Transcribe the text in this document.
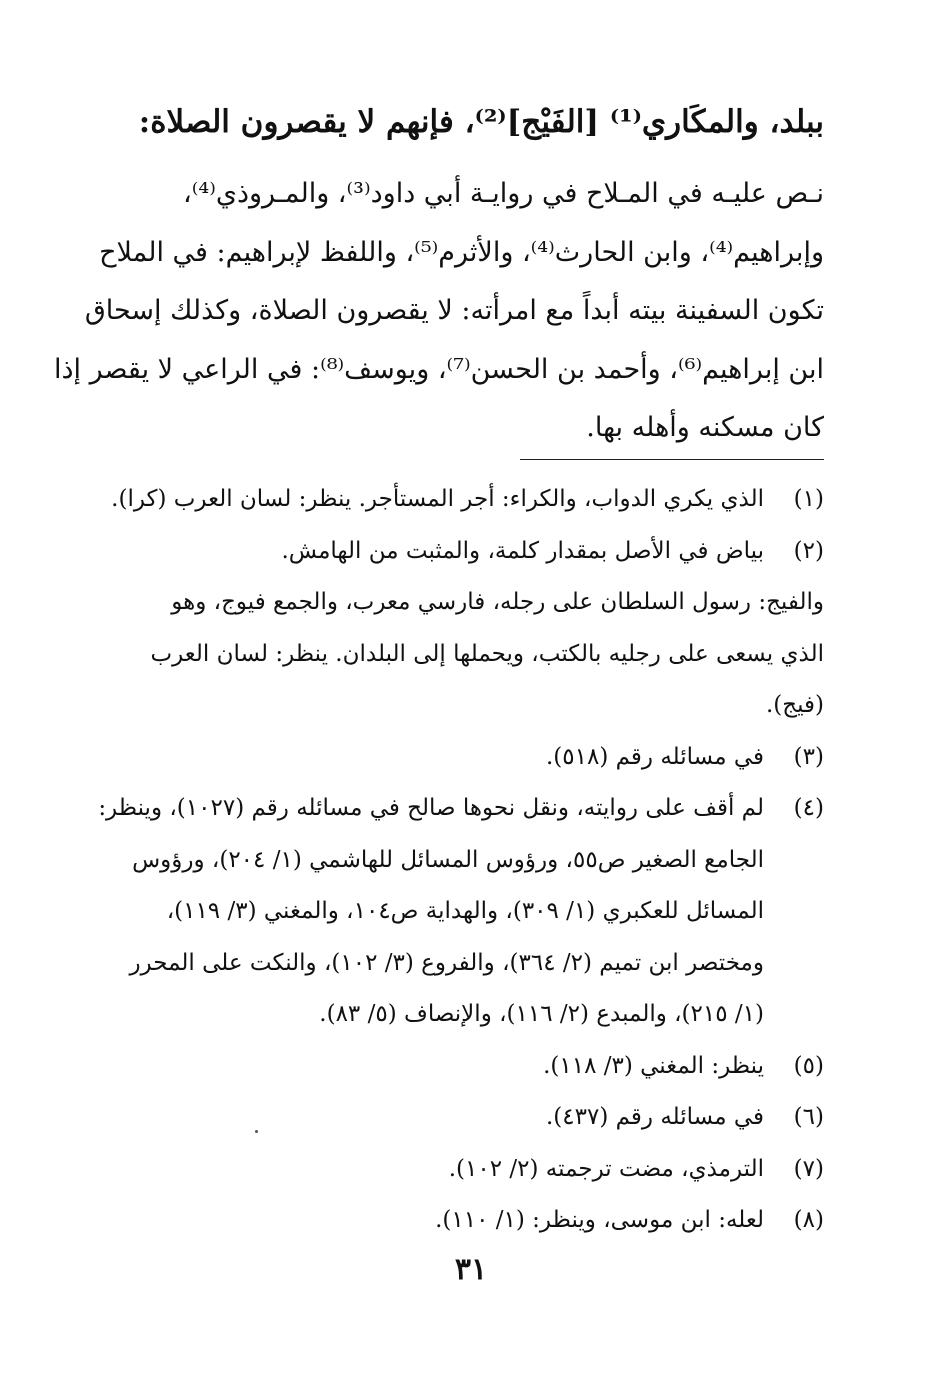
ببلد، والمكَاري⁽¹⁾ [الفَيْج]⁽²⁾، فإنهم لا يقصرون الصلاة:
نـص عليـه في المـلاح في روايـة أبي داود⁽³⁾، والمـروذي⁽⁴⁾،
وإبراهيم⁽⁴⁾، وابن الحارث⁽⁴⁾، والأثرم⁽⁵⁾، واللفظ لإبراهيم: في الملاح
تكون السفينة بيته أبداً مع امرأته: لا يقصرون الصلاة، وكذلك إسحاق
ابن إبراهيم⁽⁶⁾، وأحمد بن الحسن⁽⁷⁾، ويوسف⁽⁸⁾: في الراعي لا يقصر إذا
كان مسكنه وأهله بها.
(١)
الذي يكري الدواب، والكراء: أجر المستأجر. ينظر: لسان العرب (كرا).
(٢)
بياض في الأصل بمقدار كلمة، والمثبت من الهامش.
والفيج: رسول السلطان على رجله، فارسي معرب، والجمع فيوج، وهو
الذي يسعى على رجليه بالكتب، ويحملها إلى البلدان. ينظر: لسان العرب
(فيج).
(٣)
في مسائله رقم (٥١٨).
(٤)
لم أقف على روايته، ونقل نحوها صالح في مسائله رقم (١٠٢٧)، وينظر:
الجامع الصغير ص٥٥، ورؤوس المسائل للهاشمي (١/ ٢٠٤)، ورؤوس
المسائل للعكبري (١/ ٣٠٩)، والهداية ص١٠٤، والمغني (٣/ ١١٩)،
ومختصر ابن تميم (٢/ ٣٦٤)، والفروع (٣/ ١٠٢)، والنكت على المحرر
(١/ ٢١٥)، والمبدع (٢/ ١١٦)، والإنصاف (٥/ ٨٣).
(٥)
ينظر: المغني (٣/ ١١٨).
(٦)
في مسائله رقم (٤٣٧).
(٧)
الترمذي، مضت ترجمته (٢/ ١٠٢).
(٨)
لعله: ابن موسى، وينظر: (١/ ١١٠).
٣١
